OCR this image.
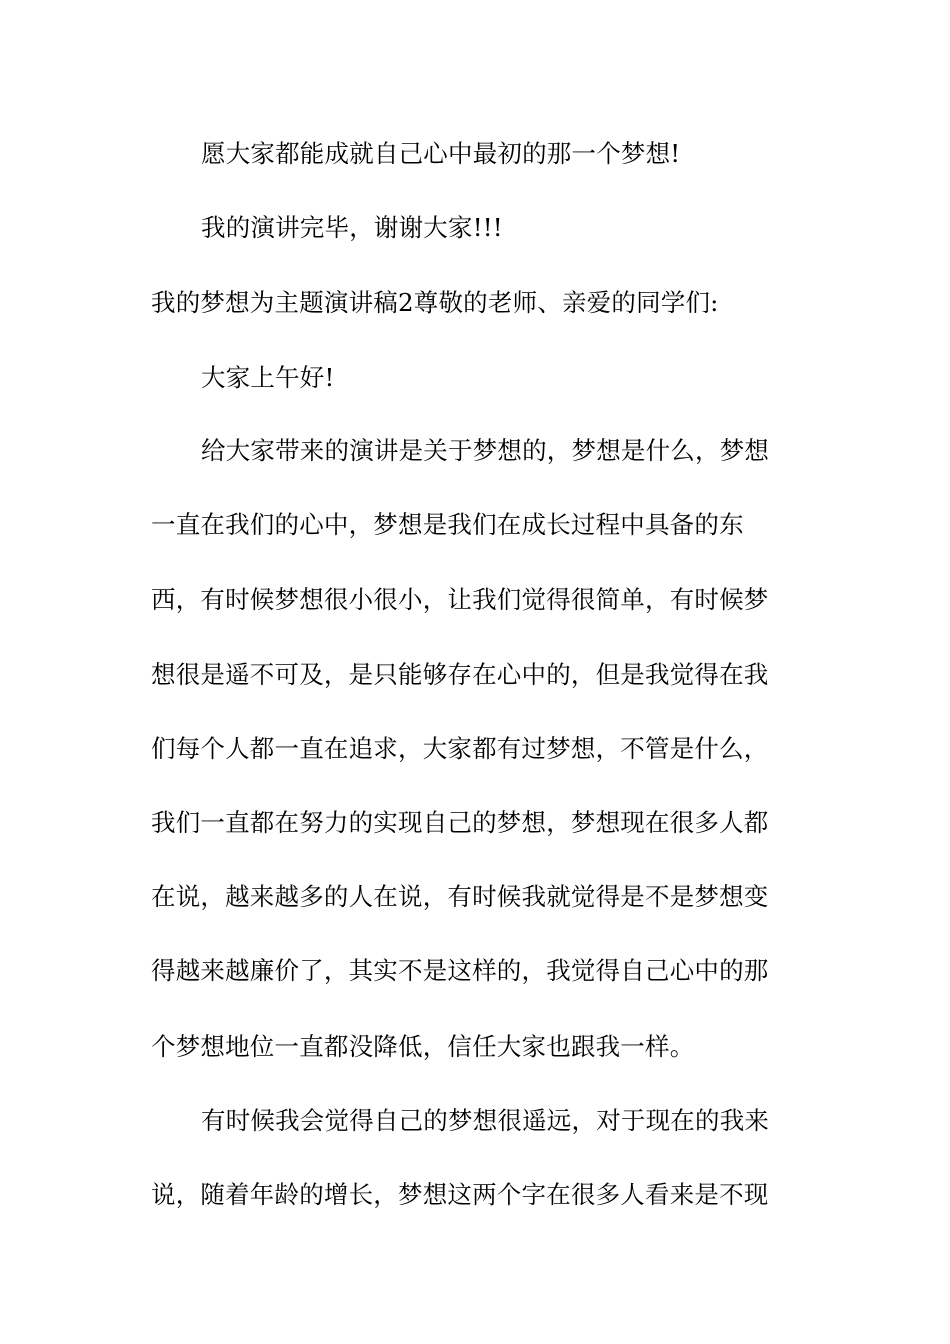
愿大家都能成就自己心中最初的那一个梦想!
我的演讲完毕，谢谢大家!!!
我的梦想为主题演讲稿2尊敬的老师、亲爱的同学们:
大家上午好!
给大家带来的演讲是关于梦想的，梦想是什么，梦想
一直在我们的心中，梦想是我们在成长过程中具备的东
西，有时候梦想很小很小，让我们觉得很简单，有时候梦
想很是遥不可及，是只能够存在心中的，但是我觉得在我
们每个人都一直在追求，大家都有过梦想，不管是什么，
我们一直都在努力的实现自己的梦想，梦想现在很多人都
在说，越来越多的人在说，有时候我就觉得是不是梦想变
得越来越廉价了，其实不是这样的，我觉得自己心中的那
个梦想地位一直都没降低，信任大家也跟我一样。
有时候我会觉得自己的梦想很遥远，对于现在的我来
说，随着年龄的增长，梦想这两个字在很多人看来是不现
